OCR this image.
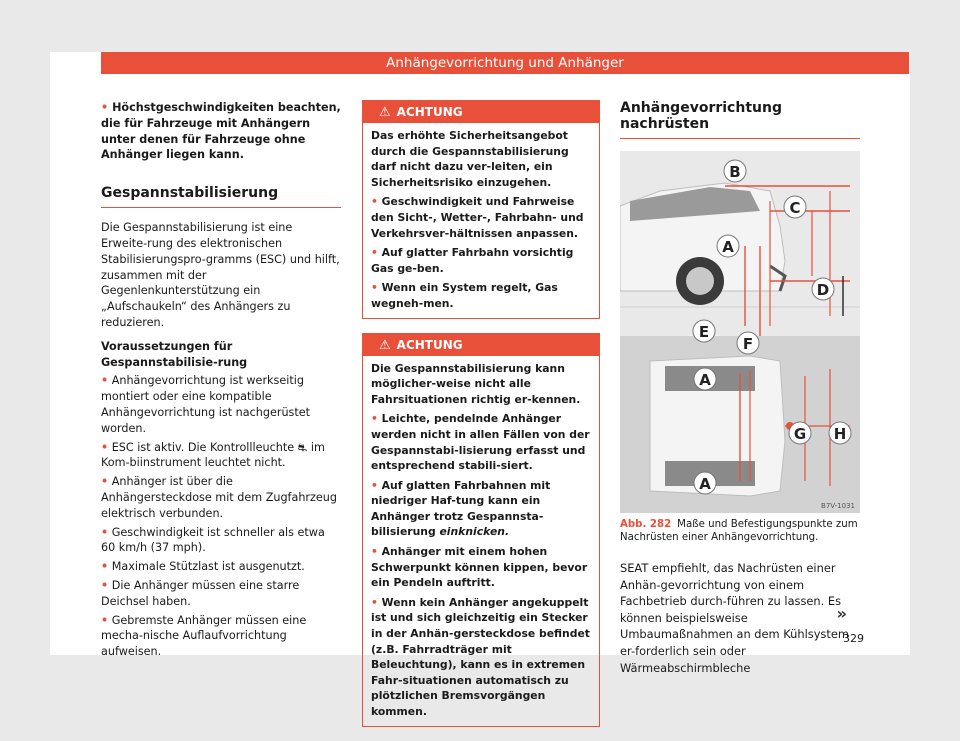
Anhängevorrichtung und Anhänger

• Höchstgeschwindigkeiten beachten, die für Fahrzeuge mit Anhängern unter denen für Fahrzeuge ohne Anhänger liegen kann.

Gespannstabilisierung

Die Gespannstabilisierung ist eine Erweite-rung des elektronischen Stabilisierungspro-gramms (ESC) und hilft, zusammen mit der Gegenlenkunterstützung ein „Aufschaukeln“ des Anhängers zu reduzieren.

Voraussetzungen für Gespannstabilisie-rung

• Anhängevorrichtung ist werkseitig montiert oder eine kompatible Anhängevorrichtung ist nachgerüstet worden.

• ESC ist aktiv. Die Kontrollleuchte ⛐ im Kom-biinstrument leuchtet nicht.

• Anhänger ist über die Anhängersteckdose mit dem Zugfahrzeug elektrisch verbunden.

• Geschwindigkeit ist schneller als etwa 60 km/h (37 mph).

• Maximale Stützlast ist ausgenutzt.

• Die Anhänger müssen eine starre Deichsel haben.

• Gebremste Anhänger müssen eine mecha-nische Auflaufvorrichtung aufweisen.

⚠ ACHTUNG

Das erhöhte Sicherheitsangebot durch die Gespannstabilisierung darf nicht dazu ver-leiten, ein Sicherheitsrisiko einzugehen.

• Geschwindigkeit und Fahrweise den Sicht-, Wetter-, Fahrbahn- und Verkehrsver-hältnissen anpassen.

• Auf glatter Fahrbahn vorsichtig Gas ge-ben.

• Wenn ein System regelt, Gas wegneh-men.

⚠ ACHTUNG

Die Gespannstabilisierung kann möglicher-weise nicht alle Fahrsituationen richtig er-kennen.

• Leichte, pendelnde Anhänger werden nicht in allen Fällen von der Gespannstabi-lisierung erfasst und entsprechend stabili-siert.

• Auf glatten Fahrbahnen mit niedriger Haf-tung kann ein Anhänger trotz Gespannsta-bilisierung einknicken.

• Anhänger mit einem hohen Schwerpunkt können kippen, bevor ein Pendeln auftritt.

• Wenn kein Anhänger angekuppelt ist und sich gleichzeitig ein Stecker in der Anhän-gersteckdose befindet (z.B. Fahrradträger mit Beleuchtung), kann es in extremen Fahr-situationen automatisch zu plötzlichen Bremsvorgängen kommen.

Anhängevorrichtung nachrüsten
B
C
A
D
E
F
A
G H
A
B7V-1031
Abb. 282 Maße und Befestigungspunkte zum Nachrüsten einer Anhängevorrichtung.

SEAT empfiehlt, das Nachrüsten einer Anhän-gevorrichtung von einem Fachbetrieb durch-führen zu lassen. Es können beispielsweise Umbaumaßnahmen an dem Kühlsystem er-forderlich sein oder Wärmeabschirmbleche

»
329
